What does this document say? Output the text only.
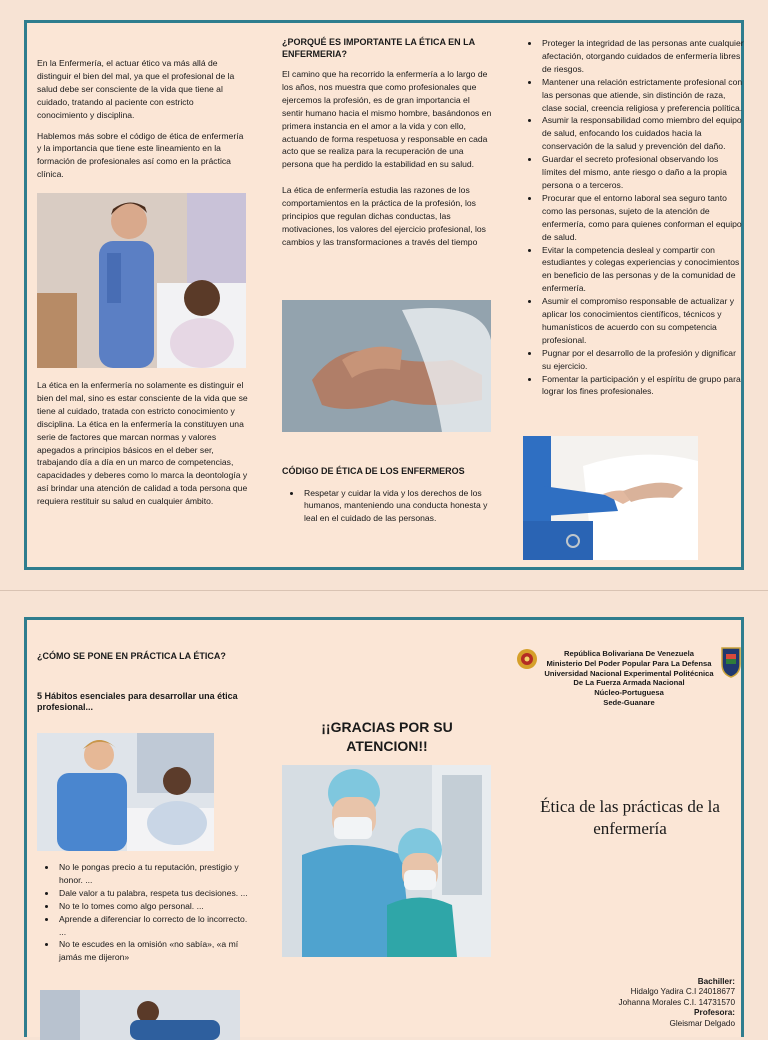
En la Enfermería, el actuar ético va más allá de distinguir el bien del mal, ya que el profesional de la salud debe ser consciente de la vida que tiene al cuidado, tratando al paciente con estricto conocimiento y disciplina.

Hablemos más sobre el código de ética de enfermería y la importancia que tiene este lineamiento en la formación de profesionales así como en la práctica clínica.

La ética en la enfermería no solamente es distinguir el bien del mal, sino es estar consciente de la vida que se tiene al cuidado, tratada con estricto conocimiento y disciplina. La ética en la enfermería la constituyen una serie de factores que marcan normas y valores apegados a principios básicos en el deber ser, trabajando día a día en un marco de competencias, capacidades y deberes como lo marca la deontología y así brindar una atención de calidad a toda persona que requiera restituir su salud en cualquier ámbito.

¿PORQUÉ ES IMPORTANTE LA ÉTICA EN LA ENFERMERIA?

El camino que ha recorrido la enfermería a lo largo de los años, nos muestra que como profesionales que ejercemos la profesión, es de gran importancia el sentir humano hacia el mismo hombre, basándonos en primera instancia en el amor a la vida y con ello, actuando de forma respetuosa y responsable en cada acto que se realiza para la recuperación de una persona que ha perdido la estabilidad en su salud.

La ética de enfermería estudia las razones de los comportamientos en la práctica de la profesión, los principios que regulan dichas conductas, las motivaciones, los valores del ejercicio profesional, los cambios y las transformaciones a través del tiempo

CÓDIGO DE ÉTICA DE LOS ENFERMEROS
• Respetar y cuidar la vida y los derechos de los humanos, manteniendo una conducta honesta y leal en el cuidado de las personas.
• Proteger la integridad de las personas ante cualquier afectación, otorgando cuidados de enfermería libres de riesgos.
• Mantener una relación estrictamente profesional con las personas que atiende, sin distinción de raza, clase social, creencia religiosa y preferencia política.
• Asumir la responsabilidad como miembro del equipo de salud, enfocando los cuidados hacia la conservación de la salud y prevención del daño.
• Guardar el secreto profesional observando los límites del mismo, ante riesgo o daño a la propia persona o a terceros.
• Procurar que el entorno laboral sea seguro tanto como las personas, sujeto de la atención de enfermería, como para quienes conforman el equipo de salud.
• Evitar la competencia desleal y compartir con estudiantes y colegas experiencias y conocimientos en beneficio de las personas y de la comunidad de enfermería.
• Asumir el compromiso responsable de actualizar y aplicar los conocimientos científicos, técnicos y humanísticos de acuerdo con su competencia profesional.
• Pugnar por el desarrollo de la profesión y dignificar su ejercicio.
• Fomentar la participación y el espíritu de grupo para lograr los fines profesionales.
¿CÓMO SE PONE EN PRÁCTICA LA ÉTICA?
5 Hábitos esenciales para desarrollar una ética profesional...
• No le pongas precio a tu reputación, prestigio y honor. ...
• Dale valor a tu palabra, respeta tus decisiones. ...
• No te lo tomes como algo personal. ...
• Aprende a diferenciar lo correcto de lo incorrecto. ...
• No te escudes en la omisión «no sabía», «a mí jamás me dijeron»
¡¡GRACIAS POR SU ATENCION!!
República Bolivariana De Venezuela
Ministerio Del Poder Popular Para La Defensa
Universidad Nacional Experimental Politécnica
De La Fuerza Armada Nacional
Núcleo-Portuguesa
Sede-Guanare
Ética de las prácticas de la enfermería
Bachiller:
Hidalgo Yadira C.I 24018677
Johanna Morales C.I. 14731570
Profesora:
Gleismar Delgado
